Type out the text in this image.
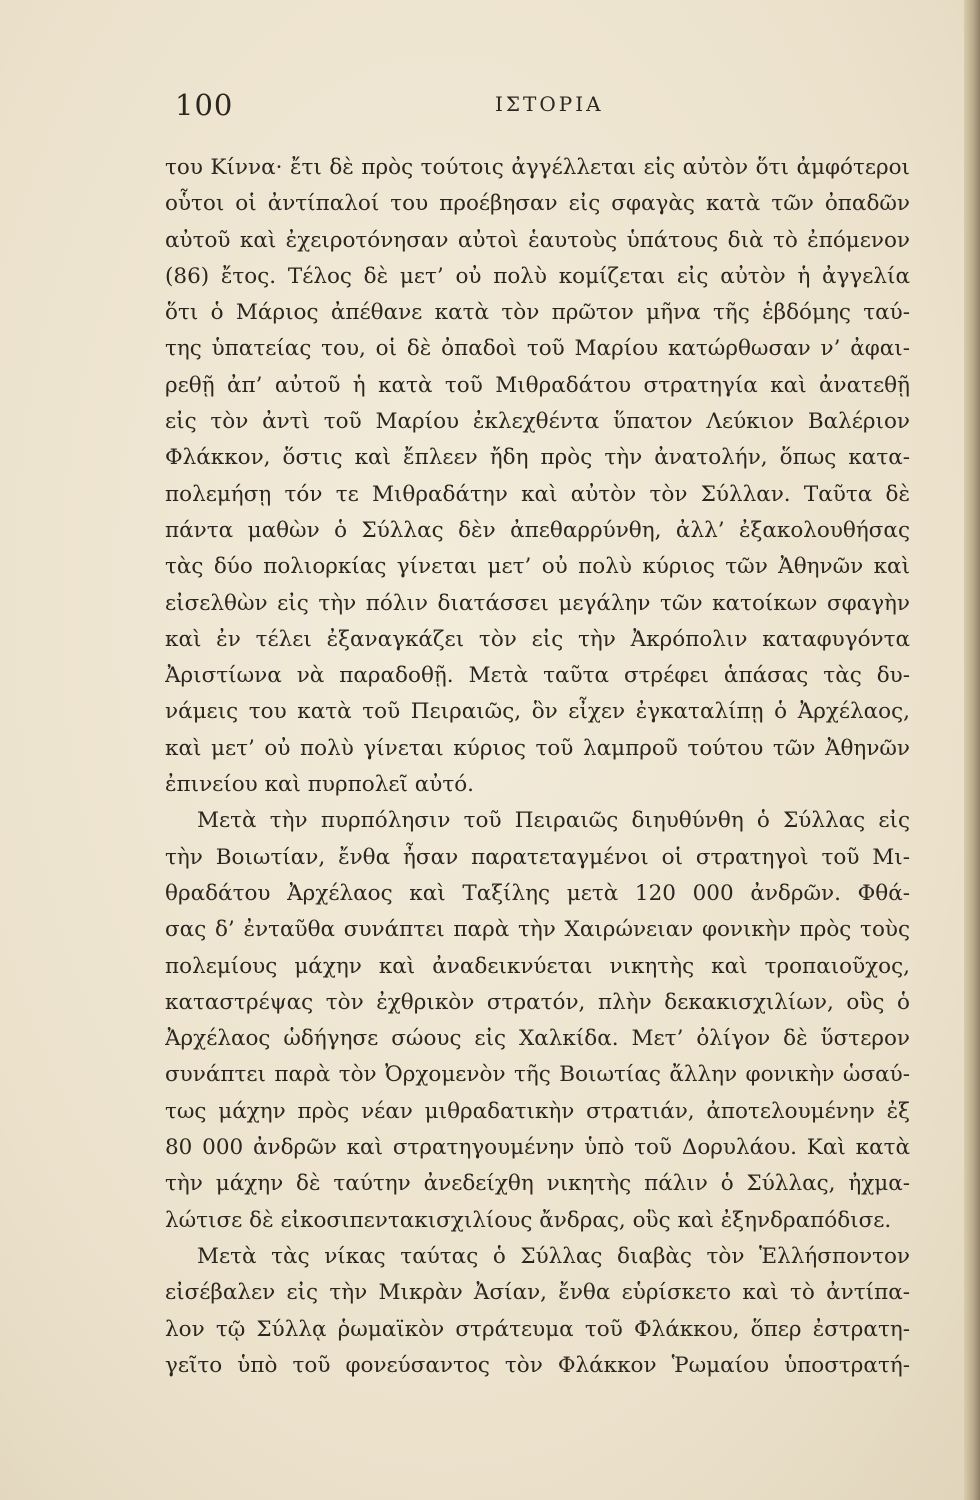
100	ΙΣΤΟΡΙΑ
του Κίννα· ἔτι δὲ πρὸς τούτοις ἀγγέλλεται εἰς αὐτὸν ὅτι ἀμφότεροι
οὗτοι οἱ ἀντίπαλοί του προέβησαν εἰς σφαγὰς κατὰ τῶν ὀπαδῶν
αὐτοῦ καὶ ἐχειροτόνησαν αὐτοὶ ἑαυτοὺς ὑπάτους διὰ τὸ ἐπόμενον
(86) ἔτος. Τέλος δὲ μετ’ οὐ πολὺ κομίζεται εἰς αὐτὸν ἡ ἀγγελία
ὅτι ὁ Μάριος ἀπέθανε κατὰ τὸν πρῶτον μῆνα τῆς ἑβδόμης ταύ-
της ὑπατείας του, οἱ δὲ ὀπαδοὶ τοῦ Μαρίου κατώρθωσαν ν’ ἀφαι-
ρεθῇ ἀπ’ αὐτοῦ ἡ κατὰ τοῦ Μιθραδάτου στρατηγία καὶ ἀνατεθῇ
εἰς τὸν ἀντὶ τοῦ Μαρίου ἐκλεχθέντα ὕπατον Λεύκιον Βαλέριον
Φλάκκον, ὅστις καὶ ἔπλεεν ἤδη πρὸς τὴν ἀνατολήν, ὅπως κατα-
πολεμήσῃ τόν τε Μιθραδάτην καὶ αὐτὸν τὸν Σύλλαν. Ταῦτα δὲ
πάντα μαθὼν ὁ Σύλλας δὲν ἀπεθαρρύνθη, ἀλλ’ ἐξακολουθήσας
τὰς δύο πολιορκίας γίνεται μετ’ οὐ πολὺ κύριος τῶν Ἀθηνῶν καὶ
εἰσελθὼν εἰς τὴν πόλιν διατάσσει μεγάλην τῶν κατοίκων σφαγὴν
καὶ ἐν τέλει ἐξαναγκάζει τὸν εἰς τὴν Ἀκρόπολιν καταφυγόντα
Ἀριστίωνα νὰ παραδοθῇ. Μετὰ ταῦτα στρέφει ἁπάσας τὰς δυ-
νάμεις του κατὰ τοῦ Πειραιῶς, ὃν εἶχεν ἐγκαταλίπῃ ὁ Ἀρχέλαος,
καὶ μετ’ οὐ πολὺ γίνεται κύριος τοῦ λαμπροῦ τούτου τῶν Ἀθηνῶν
ἐπινείου καὶ πυρπολεῖ αὐτό.
Μετὰ τὴν πυρπόλησιν τοῦ Πειραιῶς διηυθύνθη ὁ Σύλλας εἰς
τὴν Βοιωτίαν, ἔνθα ἦσαν παρατεταγμένοι οἱ στρατηγοὶ τοῦ Μι-
θραδάτου Ἀρχέλαος καὶ Ταξίλης μετὰ 120 000 ἀνδρῶν. Φθά-
σας δ’ ἐνταῦθα συνάπτει παρὰ τὴν Χαιρώνειαν φονικὴν πρὸς τοὺς
πολεμίους μάχην καὶ ἀναδεικνύεται νικητὴς καὶ τροπαιοῦχος,
καταστρέψας τὸν ἐχθρικὸν στρατόν, πλὴν δεκακισχιλίων, οὓς ὁ
Ἀρχέλαος ὡδήγησε σώους εἰς Χαλκίδα. Μετ’ ὀλίγον δὲ ὕστερον
συνάπτει παρὰ τὸν Ὀρχομενὸν τῆς Βοιωτίας ἄλλην φονικὴν ὡσαύ-
τως μάχην πρὸς νέαν μιθραδατικὴν στρατιάν, ἀποτελουμένην ἐξ
80 000 ἀνδρῶν καὶ στρατηγουμένην ὑπὸ τοῦ Δορυλάου. Καὶ κατὰ
τὴν μάχην δὲ ταύτην ἀνεδείχθη νικητὴς πάλιν ὁ Σύλλας, ἠχμα-
λώτισε δὲ εἰκοσιπεντακισχιλίους ἄνδρας, οὓς καὶ ἐξηνδραπόδισε.
Μετὰ τὰς νίκας ταύτας ὁ Σύλλας διαβὰς τὸν Ἑλλήσποντον
εἰσέβαλεν εἰς τὴν Μικρὰν Ἀσίαν, ἔνθα εὑρίσκετο καὶ τὸ ἀντίπα-
λον τῷ Σύλλᾳ ῥωμαϊκὸν στράτευμα τοῦ Φλάκκου, ὅπερ ἐστρατη-
γεῖτο ὑπὸ τοῦ φονεύσαντος τὸν Φλάκκον Ῥωμαίου ὑποστρατή-
